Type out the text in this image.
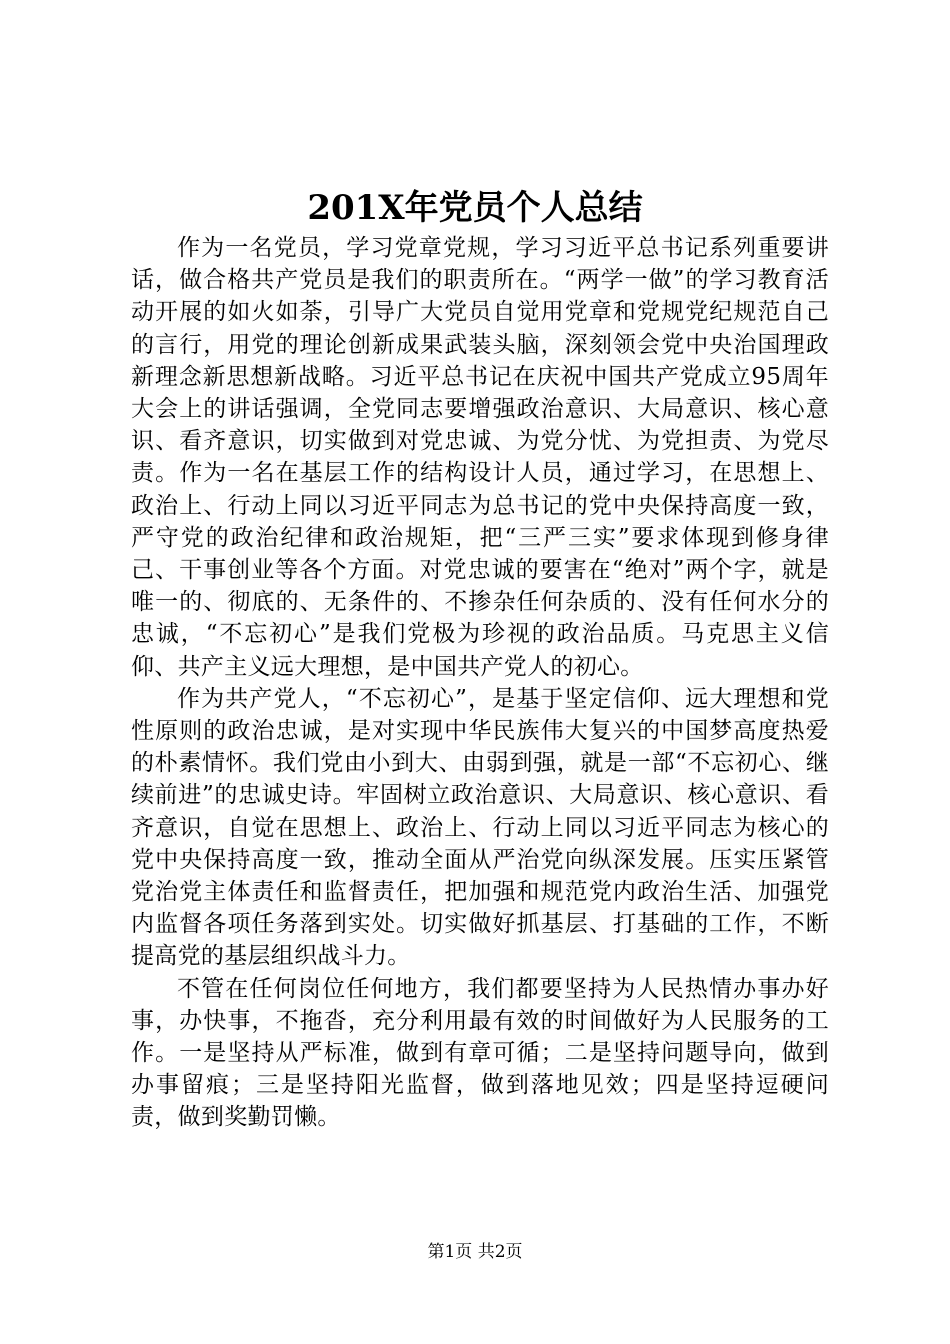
201X年党员个人总结

作为一名党员，学习党章党规，学习习近平总书记系列重要讲话，做合格共产党员是我们的职责所在。“两学一做”的学习教育活动开展的如火如荼，引导广大党员自觉用党章和党规党纪规范自己的言行，用党的理论创新成果武装头脑，深刻领会党中央治国理政新理念新思想新战略。习近平总书记在庆祝中国共产党成立95周年大会上的讲话强调，全党同志要增强政治意识、大局意识、核心意识、看齐意识，切实做到对党忠诚、为党分忧、为党担责、为党尽责。作为一名在基层工作的结构设计人员，通过学习，在思想上、政治上、行动上同以习近平同志为总书记的党中央保持高度一致，严守党的政治纪律和政治规矩，把“三严三实”要求体现到修身律己、干事创业等各个方面。对党忠诚的要害在“绝对”两个字，就是唯一的、彻底的、无条件的、不掺杂任何杂质的、没有任何水分的忠诚，“不忘初心”是我们党极为珍视的政治品质。马克思主义信仰、共产主义远大理想，是中国共产党人的初心。

作为共产党人，“不忘初心”，是基于坚定信仰、远大理想和党性原则的政治忠诚，是对实现中华民族伟大复兴的中国梦高度热爱的朴素情怀。我们党由小到大、由弱到强，就是一部“不忘初心、继续前进”的忠诚史诗。牢固树立政治意识、大局意识、核心意识、看齐意识，自觉在思想上、政治上、行动上同以习近平同志为核心的党中央保持高度一致，推动全面从严治党向纵深发展。压实压紧管党治党主体责任和监督责任，把加强和规范党内政治生活、加强党内监督各项任务落到实处。切实做好抓基层、打基础的工作，不断提高党的基层组织战斗力。

不管在任何岗位任何地方，我们都要坚持为人民热情办事办好事，办快事，不拖沓，充分利用最有效的时间做好为人民服务的工作。一是坚持从严标准，做到有章可循；二是坚持问题导向，做到办事留痕；三是坚持阳光监督，做到落地见效；四是坚持逗硬问责，做到奖勤罚懒。

第1页 共2页
